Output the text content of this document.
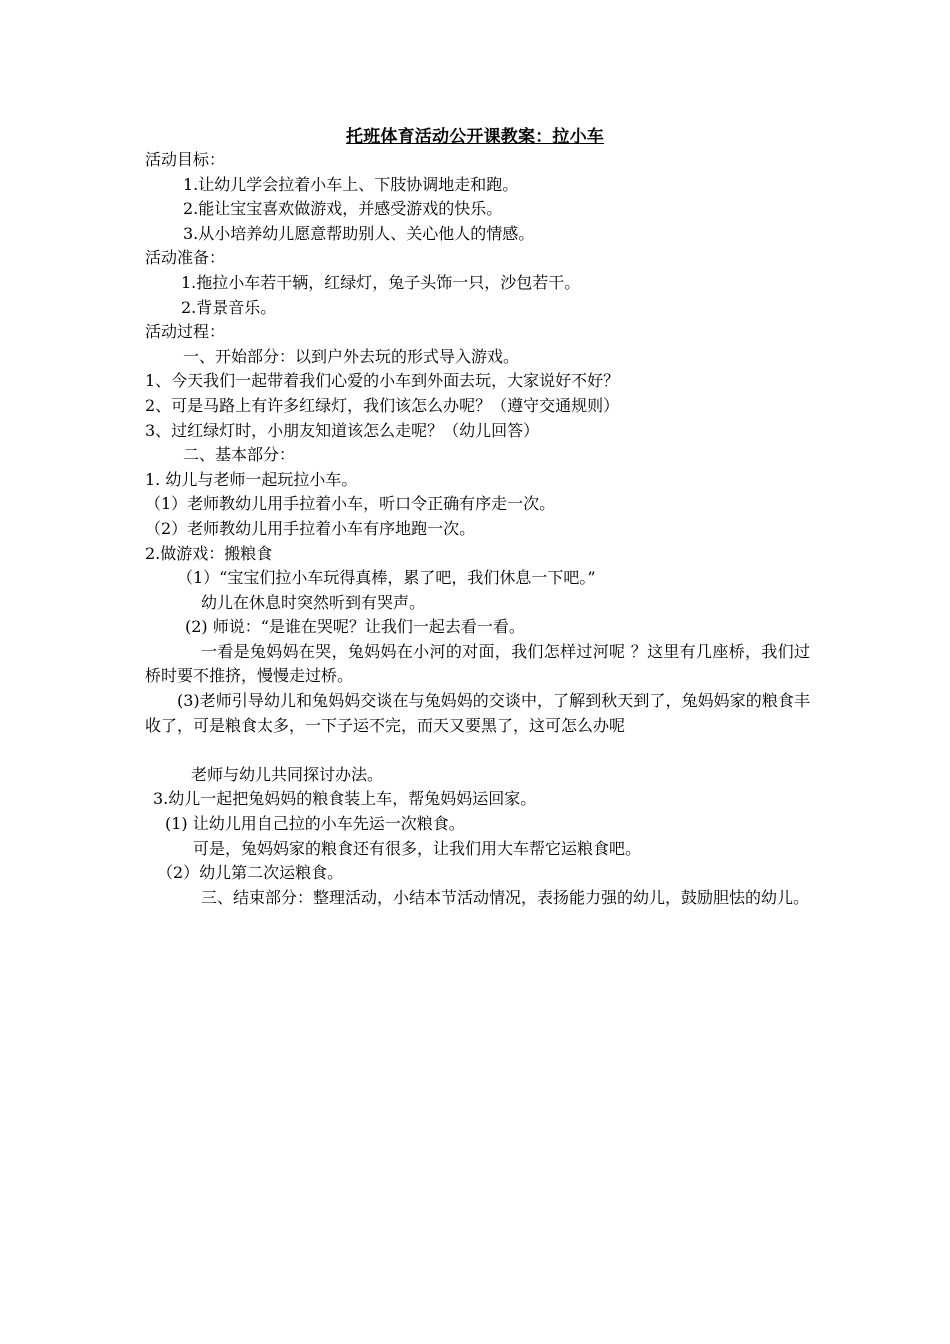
托班体育活动公开课教案：拉小车

活动目标：

1.让幼儿学会拉着小车上、下肢协调地走和跑。

2.能让宝宝喜欢做游戏，并感受游戏的快乐。

3.从小培养幼儿愿意帮助别人、关心他人的情感。

活动准备：

1.拖拉小车若干辆，红绿灯，兔子头饰一只，沙包若干。

2.背景音乐。

活动过程：

一、开始部分：以到户外去玩的形式导入游戏。

1、今天我们一起带着我们心爱的小车到外面去玩，大家说好不好？

2、可是马路上有许多红绿灯，我们该怎么办呢？（遵守交通规则）

3、过红绿灯时，小朋友知道该怎么走呢？（幼儿回答）

二、基本部分：

1. 幼儿与老师一起玩拉小车。

（1）老师教幼儿用手拉着小车，听口令正确有序走一次。

（2）老师教幼儿用手拉着小车有序地跑一次。

2.做游戏：搬粮食

（1）“宝宝们拉小车玩得真棒，累了吧，我们休息一下吧。”

幼儿在休息时突然听到有哭声。

(2) 师说：“是谁在哭呢？让我们一起去看一看。

一看是兔妈妈在哭，兔妈妈在小河的对面，我们怎样过河呢 ？这里有几座桥，我们过桥时要不推挤，慢慢走过桥。

(3)老师引导幼儿和兔妈妈交谈在与兔妈妈的交谈中，了解到秋天到了，兔妈妈家的粮食丰收了，可是粮食太多，一下子运不完，而天又要黑了，这可怎么办呢

老师与幼儿共同探讨办法。

3.幼儿一起把兔妈妈的粮食装上车，帮兔妈妈运回家。

(1) 让幼儿用自己拉的小车先运一次粮食。

可是，兔妈妈家的粮食还有很多，让我们用大车帮它运粮食吧。

（2）幼儿第二次运粮食。

三、结束部分：整理活动，小结本节活动情况，表扬能力强的幼儿，鼓励胆怯的幼儿。
